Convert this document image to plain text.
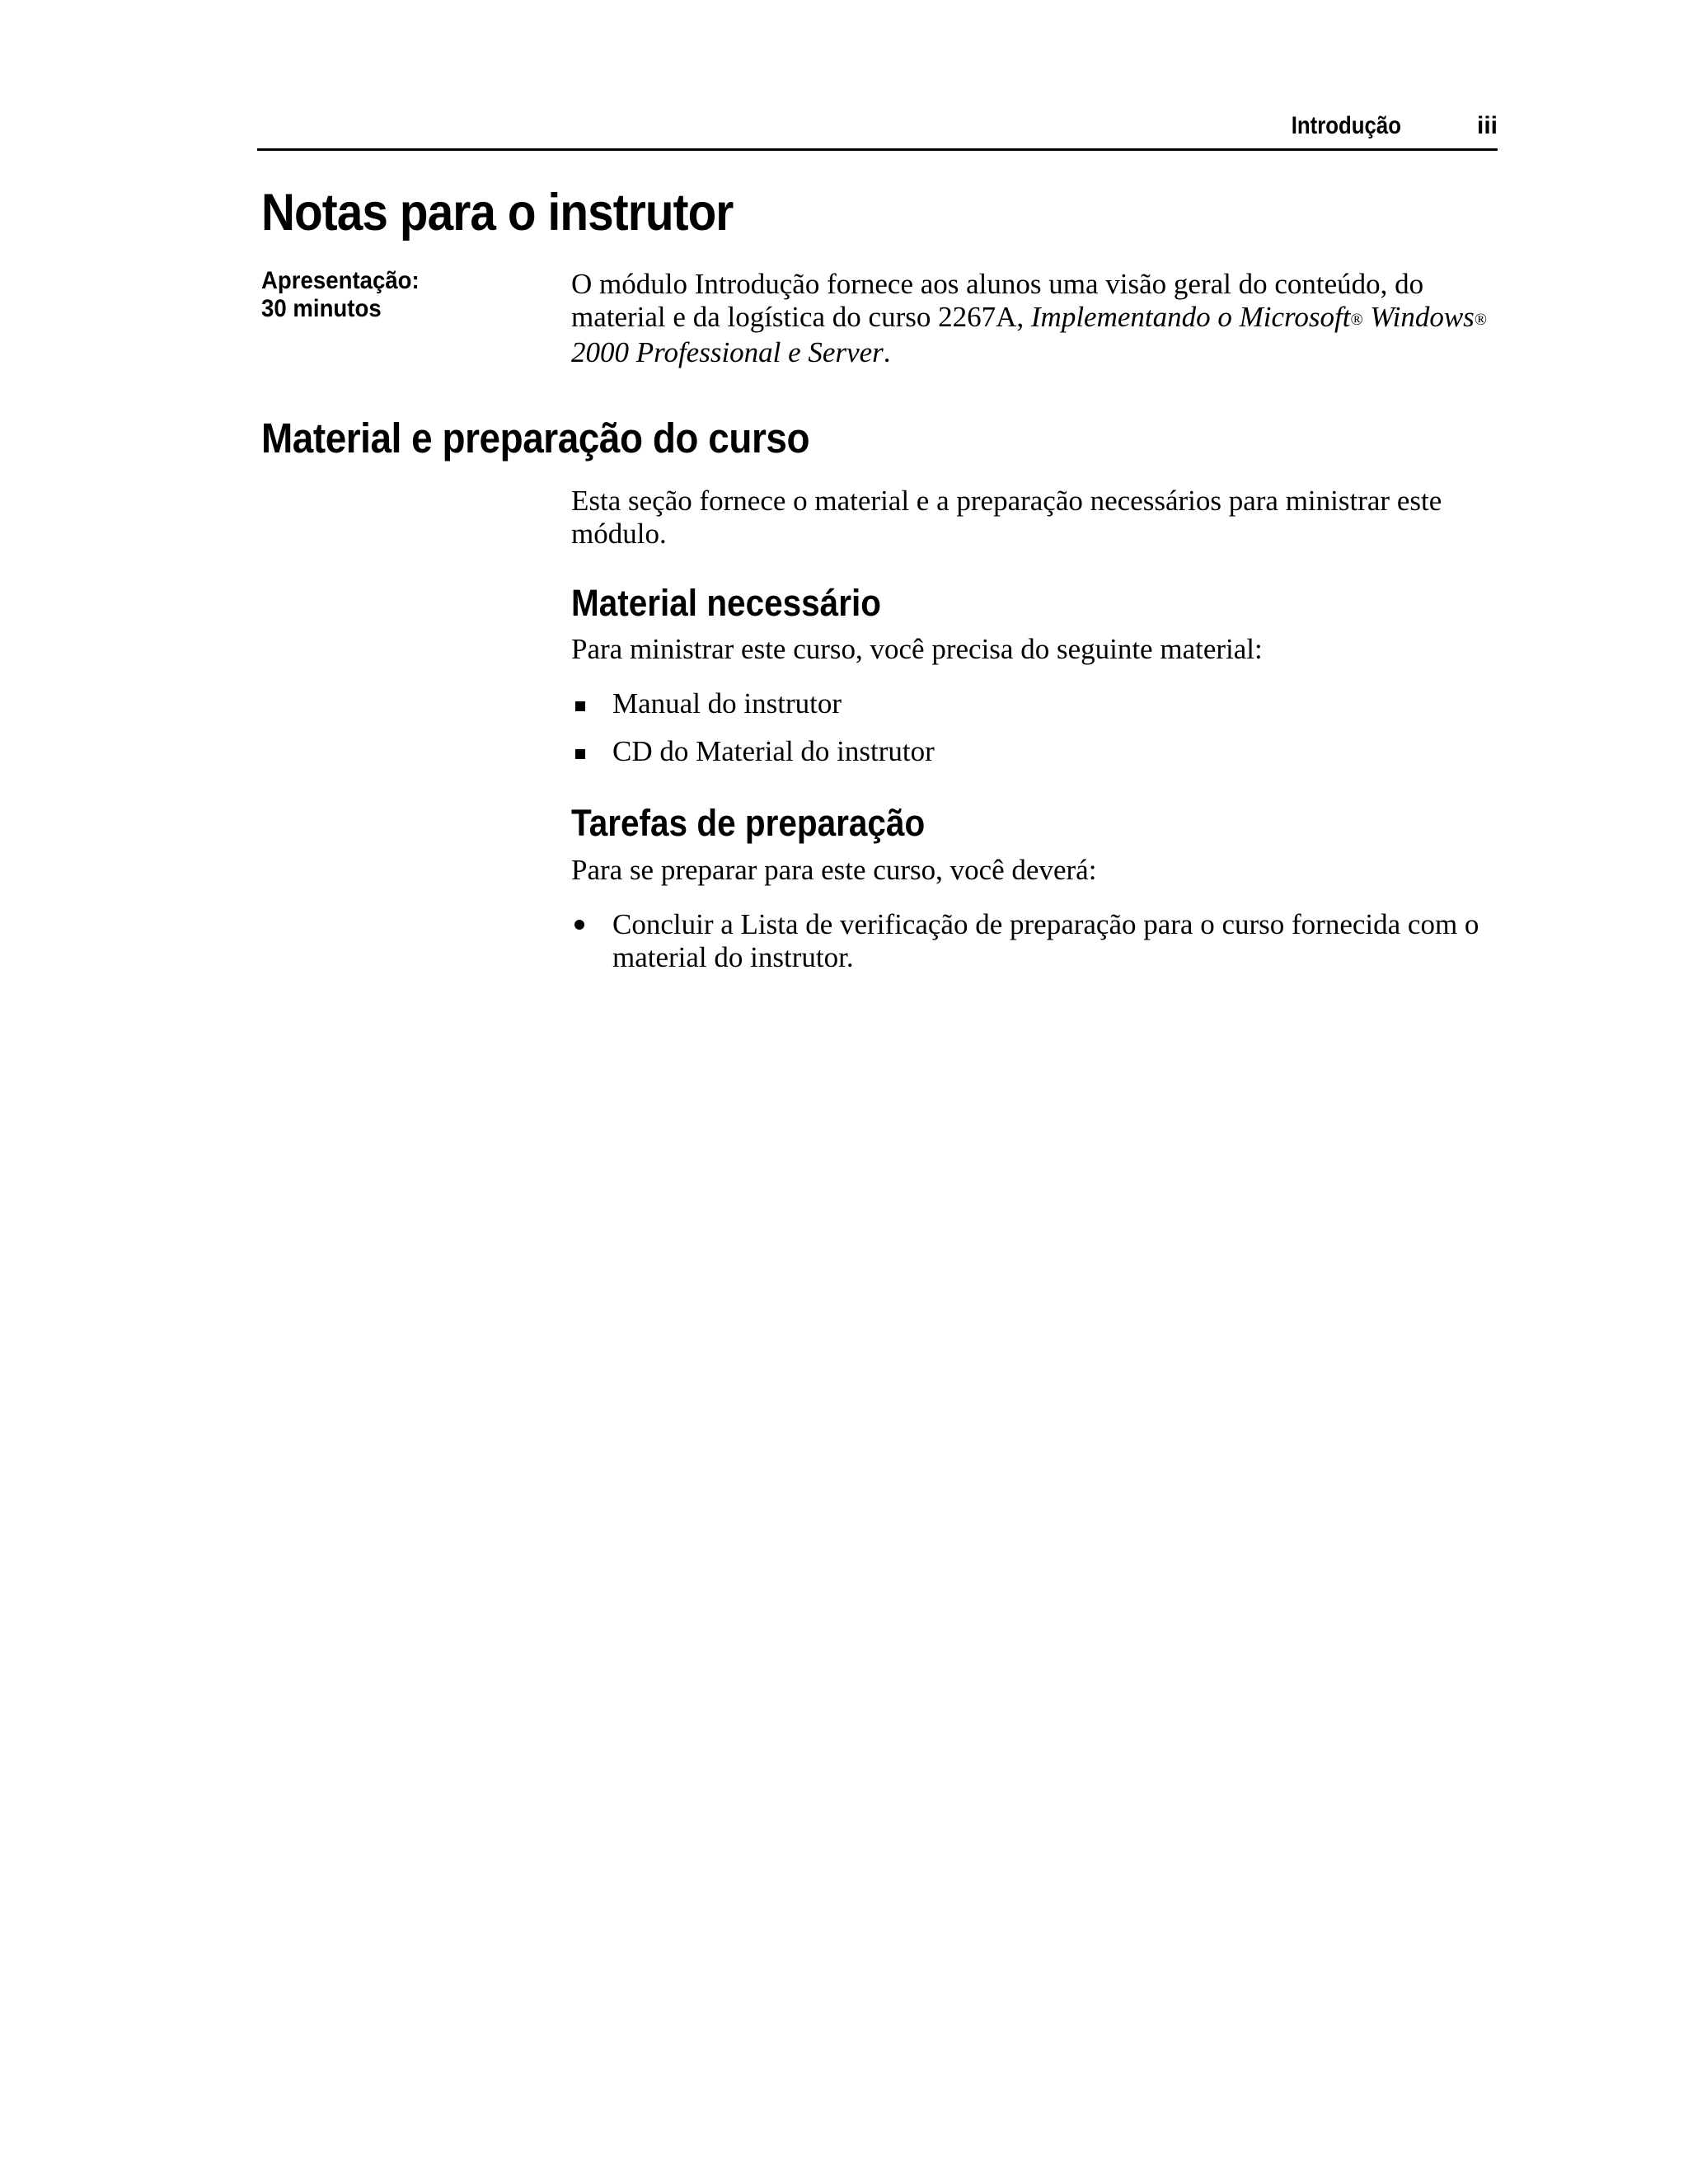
Introdução	iii
Notas para o instrutor
Apresentação:
30 minutos
O módulo Introdução fornece aos alunos uma visão geral do conteúdo, do material e da logística do curso 2267A, Implementando o Microsoft® Windows® 2000 Professional e Server.
Material e preparação do curso
Esta seção fornece o material e a preparação necessários para ministrar este módulo.
Material necessário
Para ministrar este curso, você precisa do seguinte material:
Manual do instrutor
CD do Material do instrutor
Tarefas de preparação
Para se preparar para este curso, você deverá:
Concluir a Lista de verificação de preparação para o curso fornecida com o material do instrutor.
